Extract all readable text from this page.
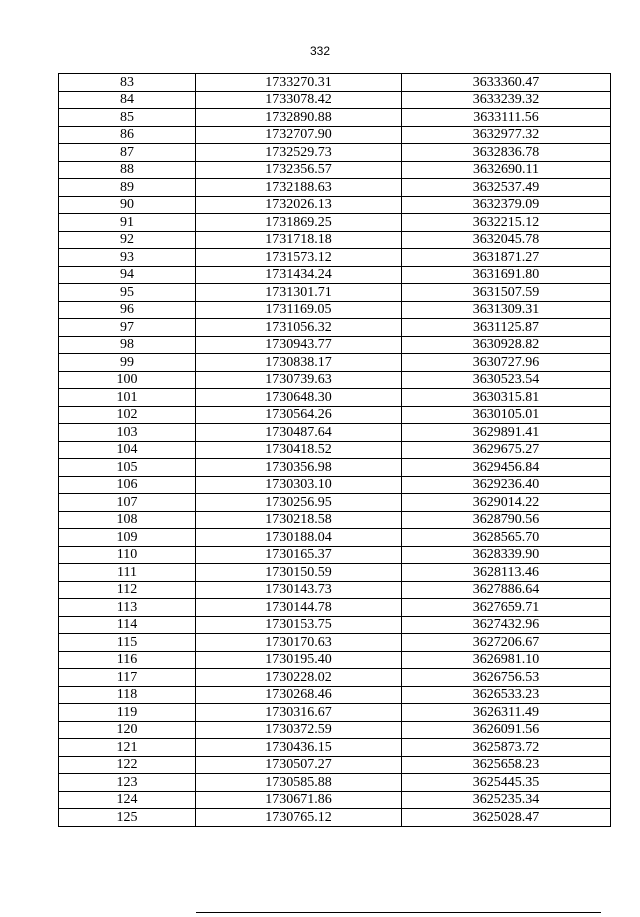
332
83	1733270.31	3633360.47
84	1733078.42	3633239.32
85	1732890.88	3633111.56
86	1732707.90	3632977.32
87	1732529.73	3632836.78
88	1732356.57	3632690.11
89	1732188.63	3632537.49
90	1732026.13	3632379.09
91	1731869.25	3632215.12
92	1731718.18	3632045.78
93	1731573.12	3631871.27
94	1731434.24	3631691.80
95	1731301.71	3631507.59
96	1731169.05	3631309.31
97	1731056.32	3631125.87
98	1730943.77	3630928.82
99	1730838.17	3630727.96
100	1730739.63	3630523.54
101	1730648.30	3630315.81
102	1730564.26	3630105.01
103	1730487.64	3629891.41
104	1730418.52	3629675.27
105	1730356.98	3629456.84
106	1730303.10	3629236.40
107	1730256.95	3629014.22
108	1730218.58	3628790.56
109	1730188.04	3628565.70
110	1730165.37	3628339.90
111	1730150.59	3628113.46
112	1730143.73	3627886.64
113	1730144.78	3627659.71
114	1730153.75	3627432.96
115	1730170.63	3627206.67
116	1730195.40	3626981.10
117	1730228.02	3626756.53
118	1730268.46	3626533.23
119	1730316.67	3626311.49
120	1730372.59	3626091.56
121	1730436.15	3625873.72
122	1730507.27	3625658.23
123	1730585.88	3625445.35
124	1730671.86	3625235.34
125	1730765.12	3625028.47
